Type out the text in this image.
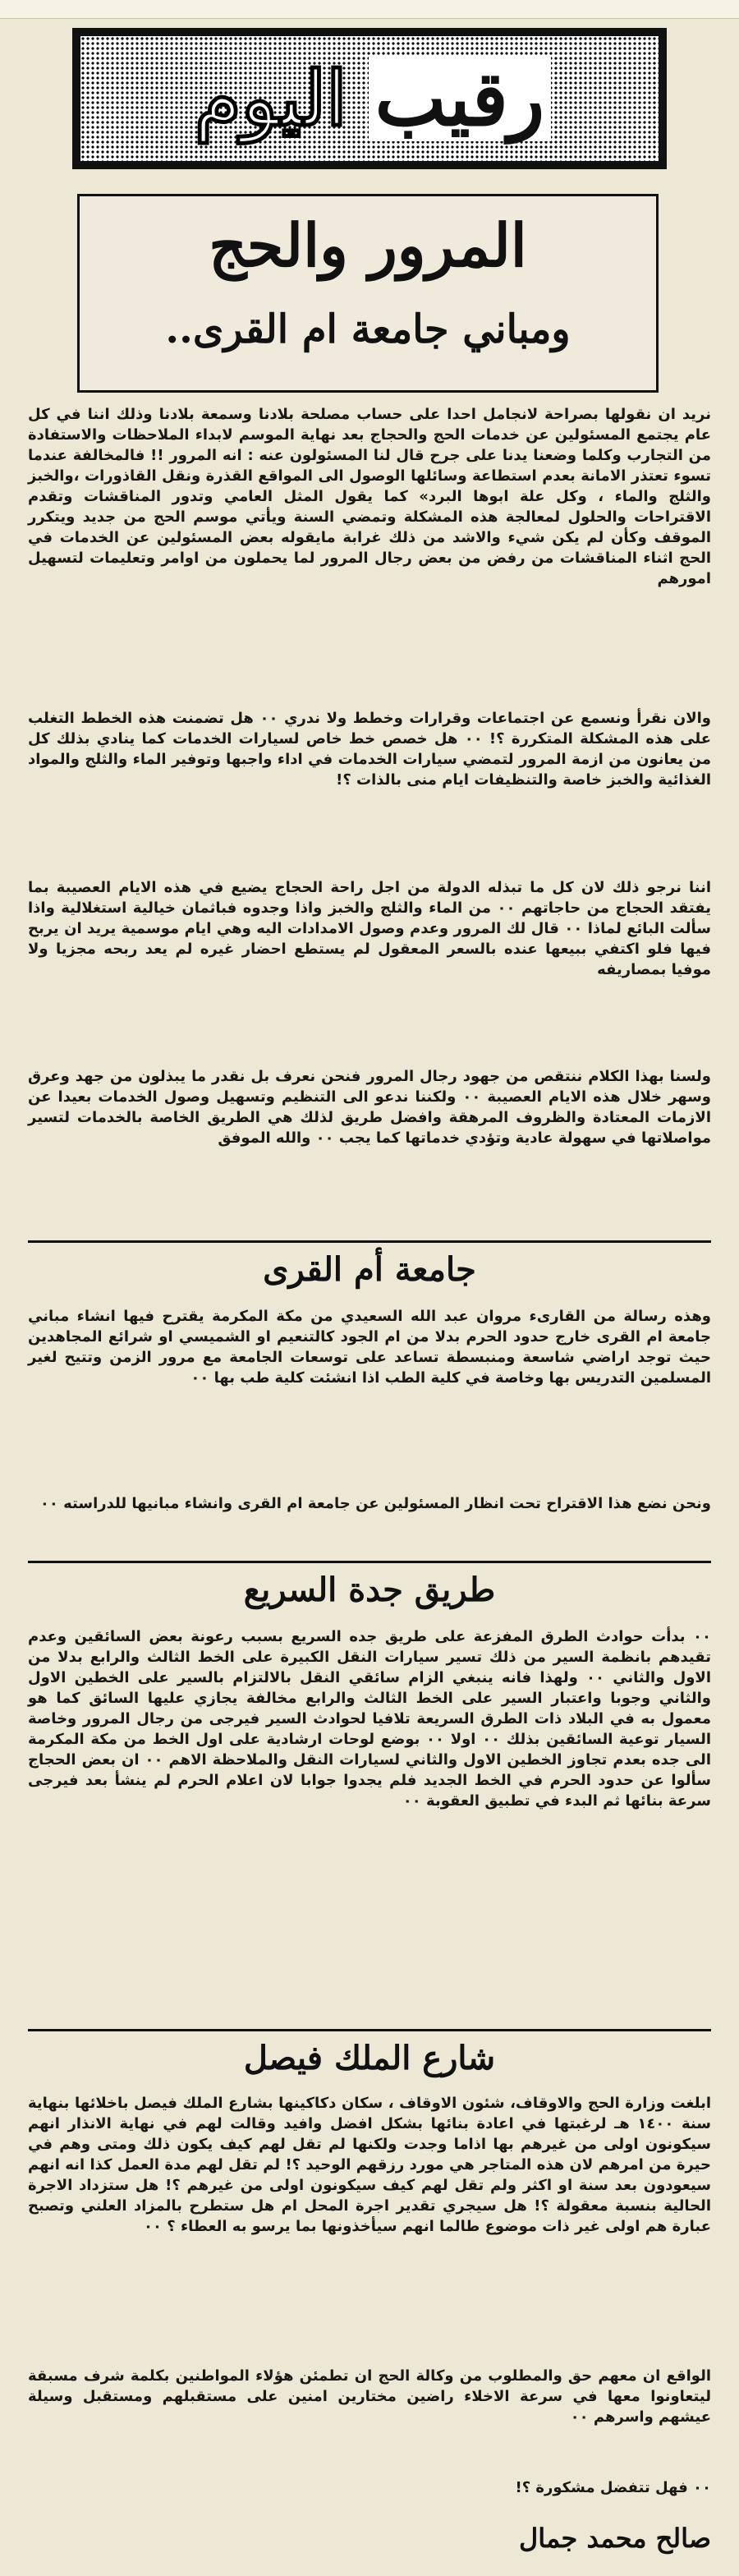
رقيب
اليوم
المرور والحج
ومباني جامعة ام القرى..

نريد ان نقولها بصراحة لانجامل احدا على حساب مصلحة بلادنا وسمعة بلادنا وذلك اننا في كل عام يجتمع المسئولين عن خدمات الحج والحجاج بعد نهاية الموسم لابداء الملاحظات والاستفادة من التجارب وكلما وضعنا يدنا على جرح قال لنا المسئولون عنه : انه المرور !! فالمخالفة عندما تسوء تعتذر الامانة بعدم استطاعة وسائلها الوصول الى المواقع القذرة ونقل القاذورات ،والخبز والثلج والماء ، وكل علة ابوها البرد» كما يقول المثل العامي وتدور المناقشات وتقدم الاقتراحات والحلول لمعالجة هذه المشكلة وتمضي السنة ويأتي موسم الحج من جديد ويتكرر الموقف وكأن لم يكن شيء والاشد من ذلك غرابة مايقوله بعض المسئولين عن الخدمات في الحج اثناء المناقشات من رفض من بعض رجال المرور لما يحملون من اوامر وتعليمات لتسهيل امورهم

والان نقرأ ونسمع عن اجتماعات وقرارات وخطط ولا ندري ٠٠ هل تضمنت هذه الخطط التغلب على هذه المشكلة المتكررة ؟! ٠٠ هل خصص خط خاص لسيارات الخدمات كما ينادي بذلك كل من يعانون من ازمة المرور لتمضي سيارات الخدمات في اداء واجبها وتوفير الماء والثلج والمواد الغذائية والخبز خاصة والتنظيفات ايام منى بالذات ؟!

اننا نرجو ذلك لان كل ما تبذله الدولة من اجل راحة الحجاج يضيع في هذه الايام العصيبة بما يفتقد الحجاج من حاجاتهم ٠٠ من الماء والثلج والخبز واذا وجدوه فباثمان خيالية استغلالية واذا سألت البائع لماذا ٠٠ قال لك المرور وعدم وصول الامدادات اليه وهي ايام موسمية يريد ان يربح فيها فلو اكتفي ببيعها عنده بالسعر المعقول لم يستطع احضار غيره لم يعد ربحه مجزيا ولا موفيا بمصاريفه

ولسنا بهذا الكلام ننتقص من جهود رجال المرور فنحن نعرف بل نقدر ما يبذلون من جهد وعرق وسهر خلال هذه الايام العصيبة ٠٠ ولكننا ندعو الى التنظيم وتسهيل وصول الخدمات بعيدا عن الازمات المعتادة والظروف المرهقة وافضل طريق لذلك هي الطريق الخاصة بالخدمات لتسير مواصلاتها في سهولة عادية وتؤدي خدماتها كما يجب ٠٠ والله الموفق

جامعة أم القرى

وهذه رسالة من القارىء مروان عبد الله السعيدي من مكة المكرمة يقترح فيها انشاء مباني جامعة ام القرى خارج حدود الحرم بدلا من ام الجود كالتنعيم او الشميسي او شرائع المجاهدين حيث توجد اراضي شاسعة ومنبسطة تساعد على توسعات الجامعة مع مرور الزمن وتتيح لغير المسلمين التدريس بها وخاصة في كلية الطب اذا انشئت كلية طب بها ٠٠

ونحن نضع هذا الاقتراح تحت انظار المسئولين عن جامعة ام القرى وانشاء مبانيها للدراسته ٠٠

طريق جدة السريع

٠٠ بدأت حوادث الطرق المفزعة على طريق جده السريع بسبب رعونة بعض السائقين وعدم تقيدهم بانظمة السير من ذلك تسير سيارات النقل الكبيرة على الخط الثالث والرابع بدلا من الاول والثاني ٠٠ ولهذا فانه ينبغي الزام سائقي النقل بالالتزام بالسير على الخطين الاول والثاني وجوبا واعتبار السير على الخط الثالث والرابع مخالفة يجازي عليها السائق كما هو معمول به في البلاد ذات الطرق السريعة تلافيا لحوادث السير فيرجى من رجال المرور وخاصة السيار توعية السائقين بذلك ٠٠ اولا ٠٠ بوضع لوحات ارشادية على اول الخط من مكة المكرمة الى جده بعدم تجاوز الخطين الاول والثاني لسيارات النقل والملاحظة الاهم ٠٠ ان بعض الحجاج سألوا عن حدود الحرم في الخط الجديد فلم يجدوا جوابا لان اعلام الحرم لم ينشأ بعد فيرجى سرعة بنائها ثم البدء في تطبيق العقوبة ٠٠

شارع الملك فيصل

ابلغت وزارة الحج والاوقاف، شئون الاوقاف ، سكان دكاكينها بشارع الملك فيصل باخلائها بنهاية سنة ١٤٠٠ هـ لرغبتها في اعادة بنائها بشكل افضل وافيد وقالت لهم في نهاية الانذار انهم سيكونون اولى من غيرهم بها اذاما وجدت ولكنها لم تقل لهم كيف يكون ذلك ومتى وهم في حيرة من امرهم لان هذه المتاجر هي مورد رزقهم الوحيد ؟! لم تقل لهم مدة العمل كذا انه انهم سيعودون بعد سنة او اكثر ولم تقل لهم كيف سيكونون اولى من غيرهم ؟! هل ستزداد الاجرة الحالية بنسبة معقولة ؟! هل سيجري تقدير اجرة المحل ام هل ستطرح بالمزاد العلني وتصبح عبارة هم اولى غير ذات موضوع طالما انهم سيأخذونها بما يرسو به العطاء ؟ ٠٠

الواقع ان معهم حق والمطلوب من وكالة الحج ان تطمئن هؤلاء المواطنين بكلمة شرف مسبقة ليتعاونوا معها في سرعة الاخلاء راضين مختارين امنين على مستقبلهم ومستقبل وسيلة عيشهم واسرهم ٠٠

٠٠ فهل تتفضل مشكورة ؟!

صالح محمد جمال
